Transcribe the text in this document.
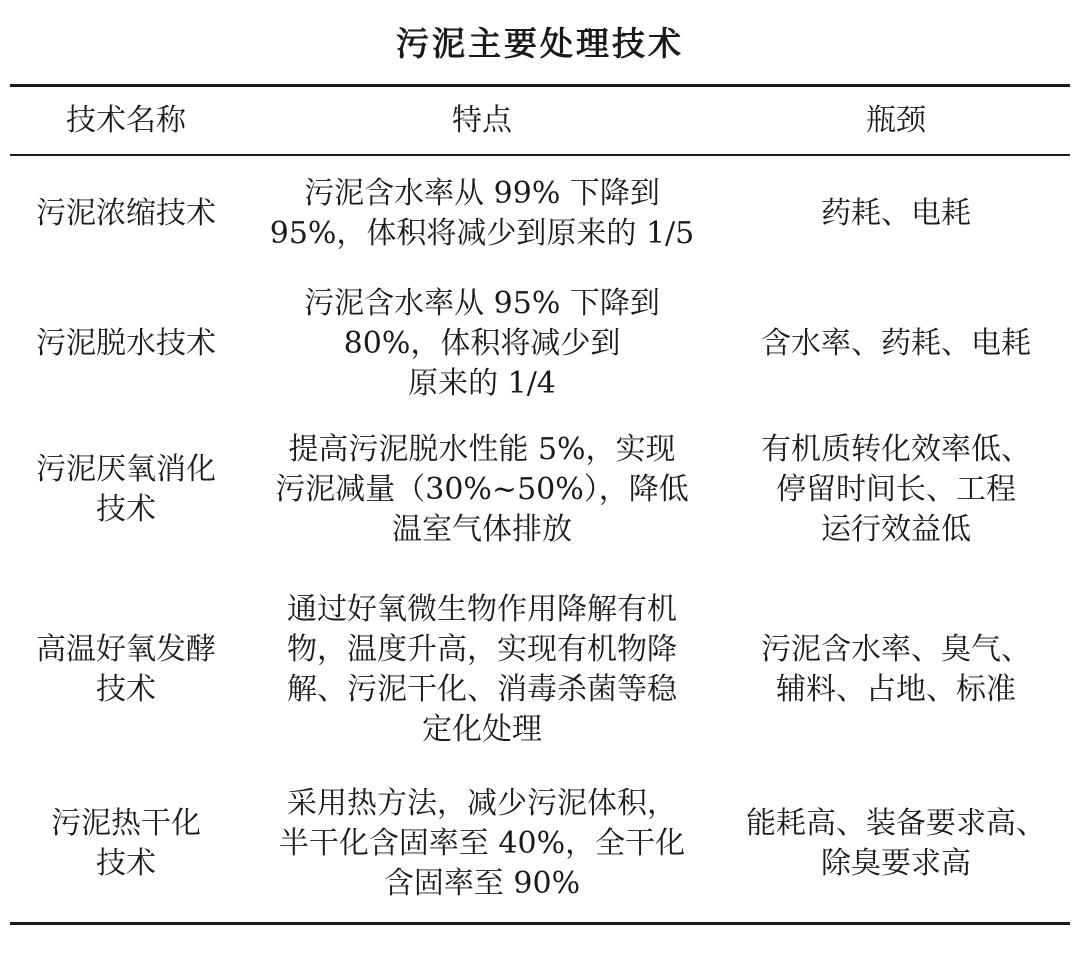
污泥主要处理技术
技术名称	特点	瓶颈
污泥浓缩技术
污泥含水率从 99% 下降到
95%，体积将减少到原来的 1/5
药耗、电耗
污泥脱水技术
污泥含水率从 95% 下降到
80%，体积将减少到
原来的 1/4
含水率、药耗、电耗
污泥厌氧消化
技术
提高污泥脱水性能 5%，实现
污泥减量（30%~50%），降低
温室气体排放
有机质转化效率低、
停留时间长、工程
运行效益低
高温好氧发酵
技术
通过好氧微生物作用降解有机
物，温度升高，实现有机物降
解、污泥干化、消毒杀菌等稳
定化处理
污泥含水率、臭气、
辅料、占地、标准
污泥热干化
技术
采用热方法，减少污泥体积，
半干化含固率至 40%，全干化
含固率至 90%
能耗高、装备要求高、
除臭要求高
